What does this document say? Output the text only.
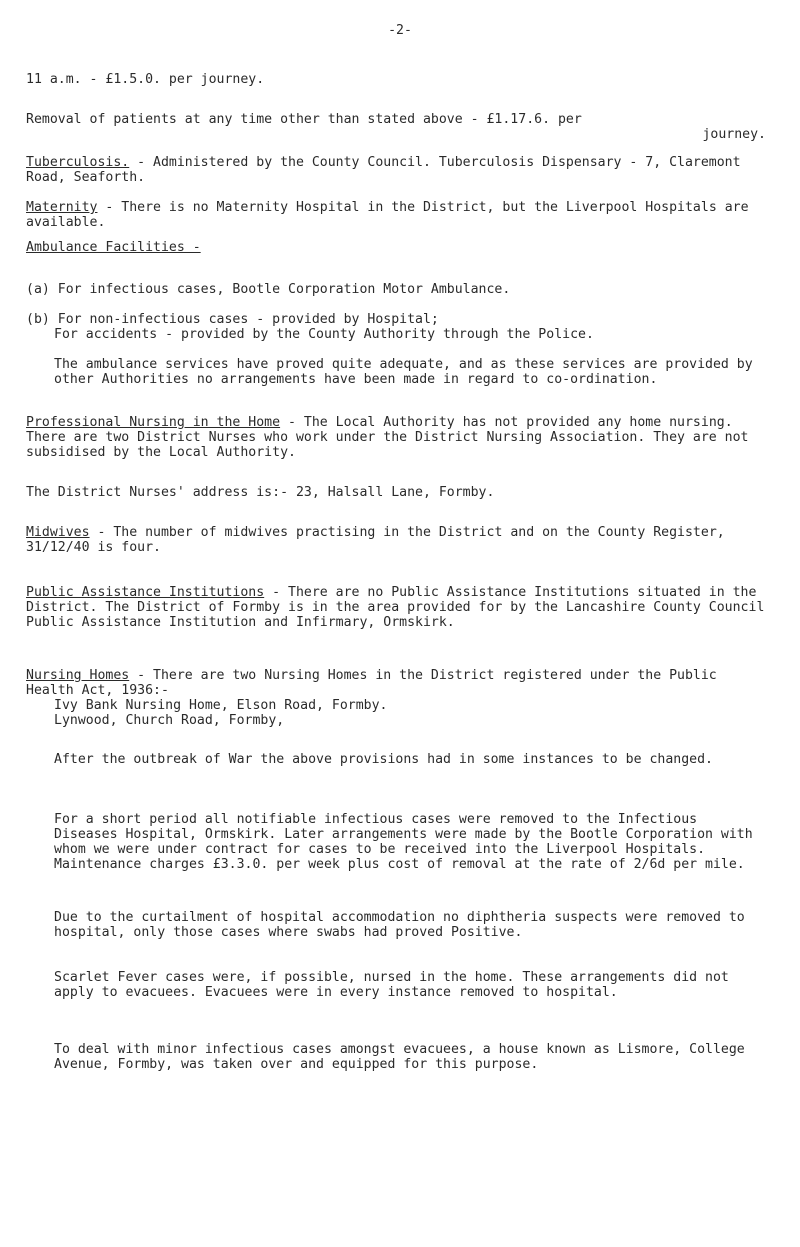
-2-

11 a.m. - £1.5.0. per journey.

Removal of patients at any time other than stated above - £1.17.6. per
journey.

Tuberculosis. - Administered by the County Council. Tuberculosis Dispensary - 7, Claremont Road, Seaforth.

Maternity - There is no Maternity Hospital in the District, but the Liverpool Hospitals are available.

Ambulance Facilities -

(a) For infectious cases, Bootle Corporation Motor Ambulance.

(b) For non-infectious cases - provided by Hospital;
For accidents - provided by the County Authority through the Police.

The ambulance services have proved quite adequate, and as these services are provided by other Authorities no arrangements have been made in regard to co-ordination.

Professional Nursing in the Home - The Local Authority has not provided any home nursing. There are two District Nurses who work under the District Nursing Association. They are not subsidised by the Local Authority.

The District Nurses' address is:- 23, Halsall Lane, Formby.

Midwives - The number of midwives practising in the District and on the County Register, 31/12/40 is four.

Public Assistance Institutions - There are no Public Assistance Institutions situated in the District. The District of Formby is in the area provided for by the Lancashire County Council Public Assistance Institution and Infirmary, Ormskirk.

Nursing Homes - There are two Nursing Homes in the District registered under the Public Health Act, 1936:-

Ivy Bank Nursing Home, Elson Road, Formby.

Lynwood, Church Road, Formby,

After the outbreak of War the above provisions had in some instances to be changed.

For a short period all notifiable infectious cases were removed to the Infectious Diseases Hospital, Ormskirk. Later arrangements were made by the Bootle Corporation with whom we were under contract for cases to be received into the Liverpool Hospitals. Maintenance charges £3.3.0. per week plus cost of removal at the rate of 2/6d per mile.

Due to the curtailment of hospital accommodation no diphtheria suspects were removed to hospital, only those cases where swabs had proved Positive.

Scarlet Fever cases were, if possible, nursed in the home. These arrangements did not apply to evacuees. Evacuees were in every instance removed to hospital.

To deal with minor infectious cases amongst evacuees, a house known as Lismore, College Avenue, Formby, was taken over and equipped for this purpose.
